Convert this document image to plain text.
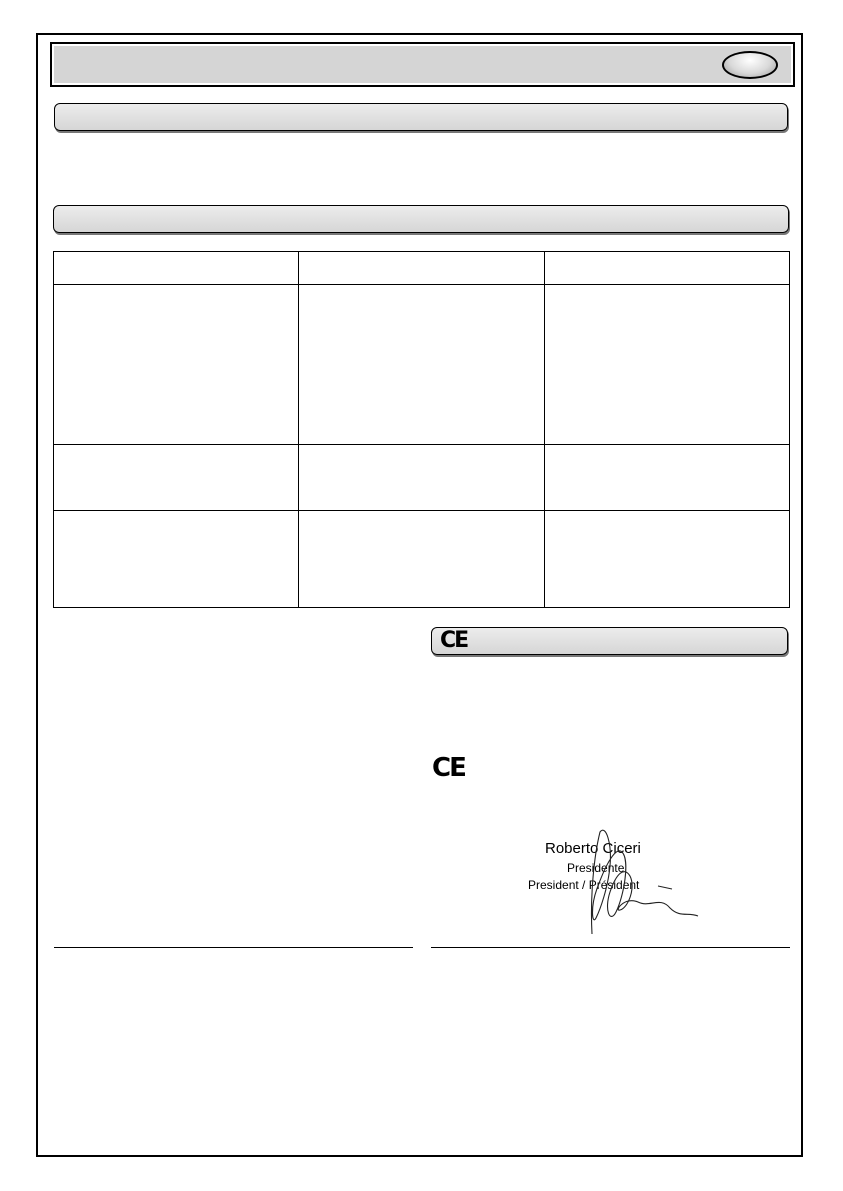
CE
CE
Roberto Ciceri
Presidente
President / Président
